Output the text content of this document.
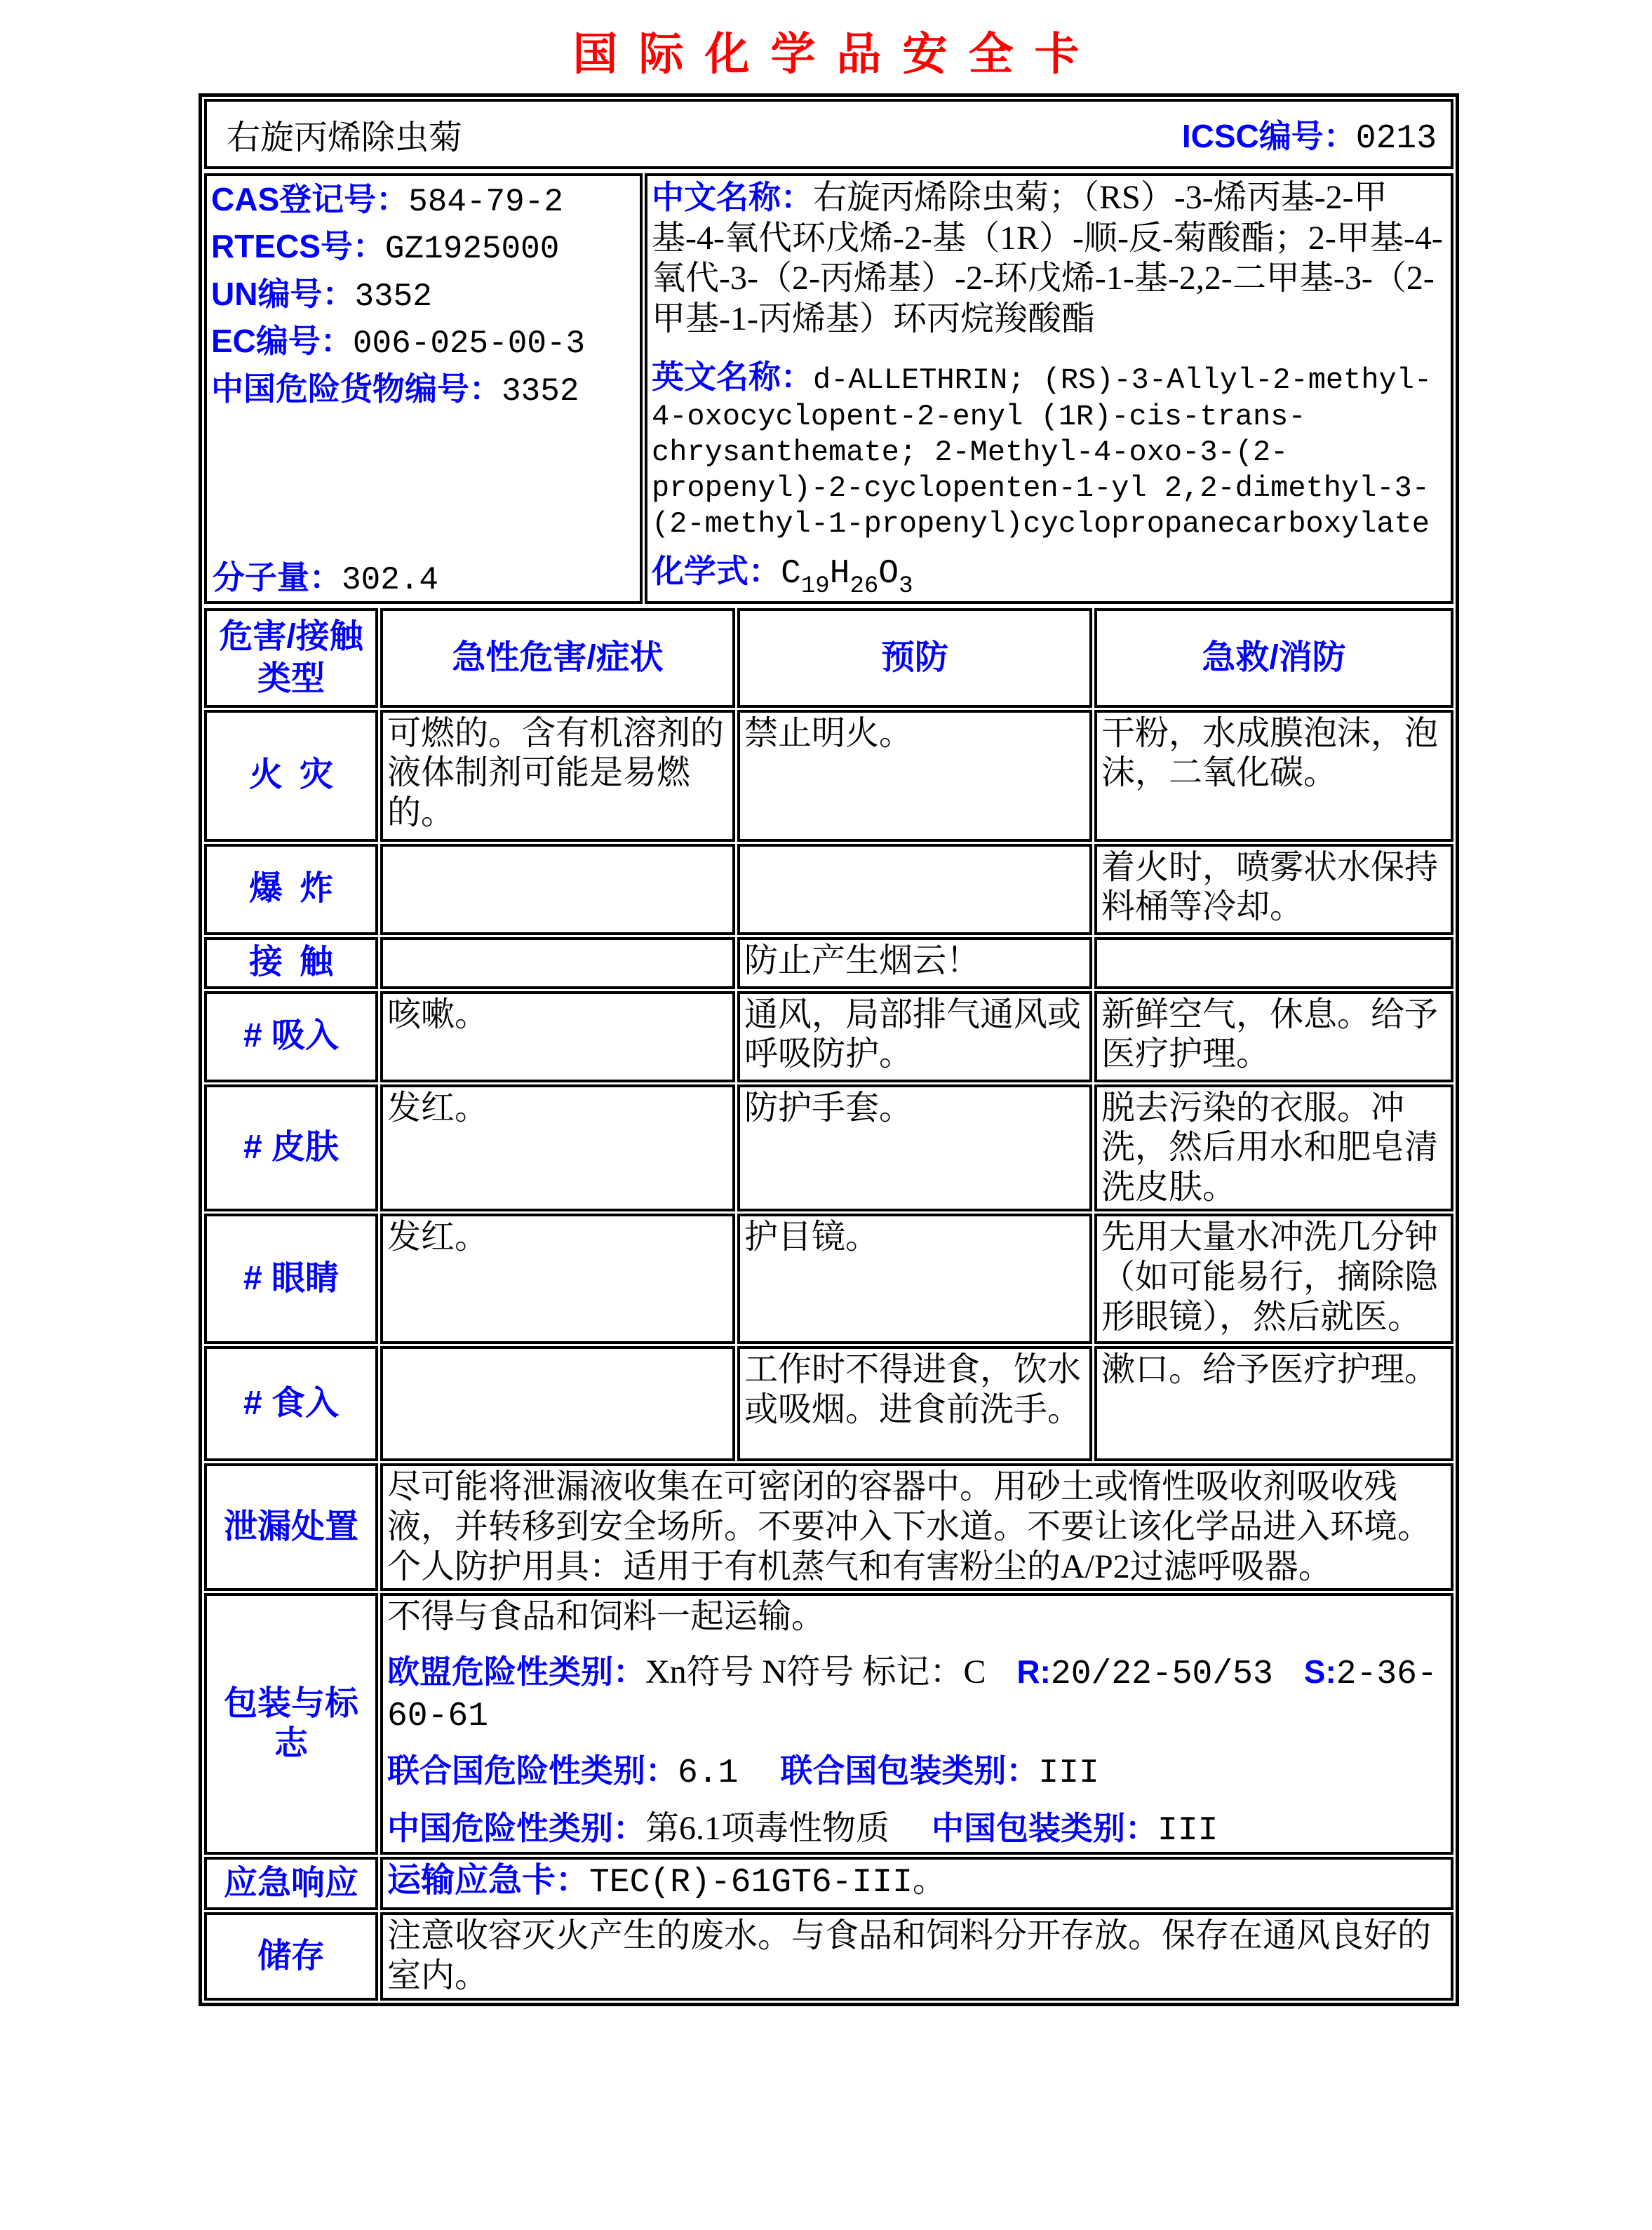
国际化学品安全卡
右旋丙烯除虫菊	ICSC编号：0213
CAS登记号：584-79-2
RTECS号：GZ1925000
UN编号：3352
EC编号：006-025-00-3
中国危险货物编号：3352
分子量：302.4

中文名称：右旋丙烯除虫菊；（RS）-3-烯丙基-2-甲基-4-氧代环戊烯-2-基（1R）-顺-反-菊酸酯；2-甲基-4-氧代-3-（2-丙烯基）-2-环戊烯-1-基-2,2-二甲基-3-（2-甲基-1-丙烯基）环丙烷羧酸酯

英文名称：d-ALLETHRIN; (RS)-3-Allyl-2-methyl-4-oxocyclopent-2-enyl (1R)-cis-trans-chrysanthemate; 2-Methyl-4-oxo-3-(2-propenyl)-2-cyclopenten-1-yl 2,2-dimethyl-3-(2-methyl-1-propenyl)cyclopropanecarboxylate

化学式：$C_{19}H_{26}O_3$
危害/接触类型	急性危害/症状	预防	急救/消防
火 灾	可燃的。含有机溶剂的液体制剂可能是易燃的。	禁止明火。	干粉，水成膜泡沫，泡沫，二氧化碳。
爆 炸			着火时，喷雾状水保持料桶等冷却。
接 触		防止产生烟云！	
# 吸入	咳嗽。	通风，局部排气通风或呼吸防护。	新鲜空气，休息。给予医疗护理。
# 皮肤	发红。	防护手套。	脱去污染的衣服。冲洗，然后用水和肥皂清洗皮肤。
# 眼睛	发红。	护目镜。	先用大量水冲洗几分钟（如可能易行，摘除隐形眼镜），然后就医。
# 食入		工作时不得进食，饮水或吸烟。进食前洗手。	漱口。给予医疗护理。
泄漏处置	尽可能将泄漏液收集在可密闭的容器中。用砂土或惰性吸收剂吸收残液，并转移到安全场所。不要冲入下水道。不要让该化学品进入环境。个人防护用具：适用于有机蒸气和有害粉尘的A/P2过滤呼吸器。		
包装与标志	不得与食品和饲料一起运输。

欧盟危险性类别：Xn符号 N符号 标记：C R:20/22-50/53 S:2-36-60-61

联合国危险性类别：6.1 联合国包装类别：III

中国危险性类别：第6.1项毒性物质 中国包装类别：III		

应急响应	运输应急卡：TEC(R)-61GT6-III。		
储存	注意收容灭火产生的废水。与食品和饲料分开存放。保存在通风良好的室内。		
